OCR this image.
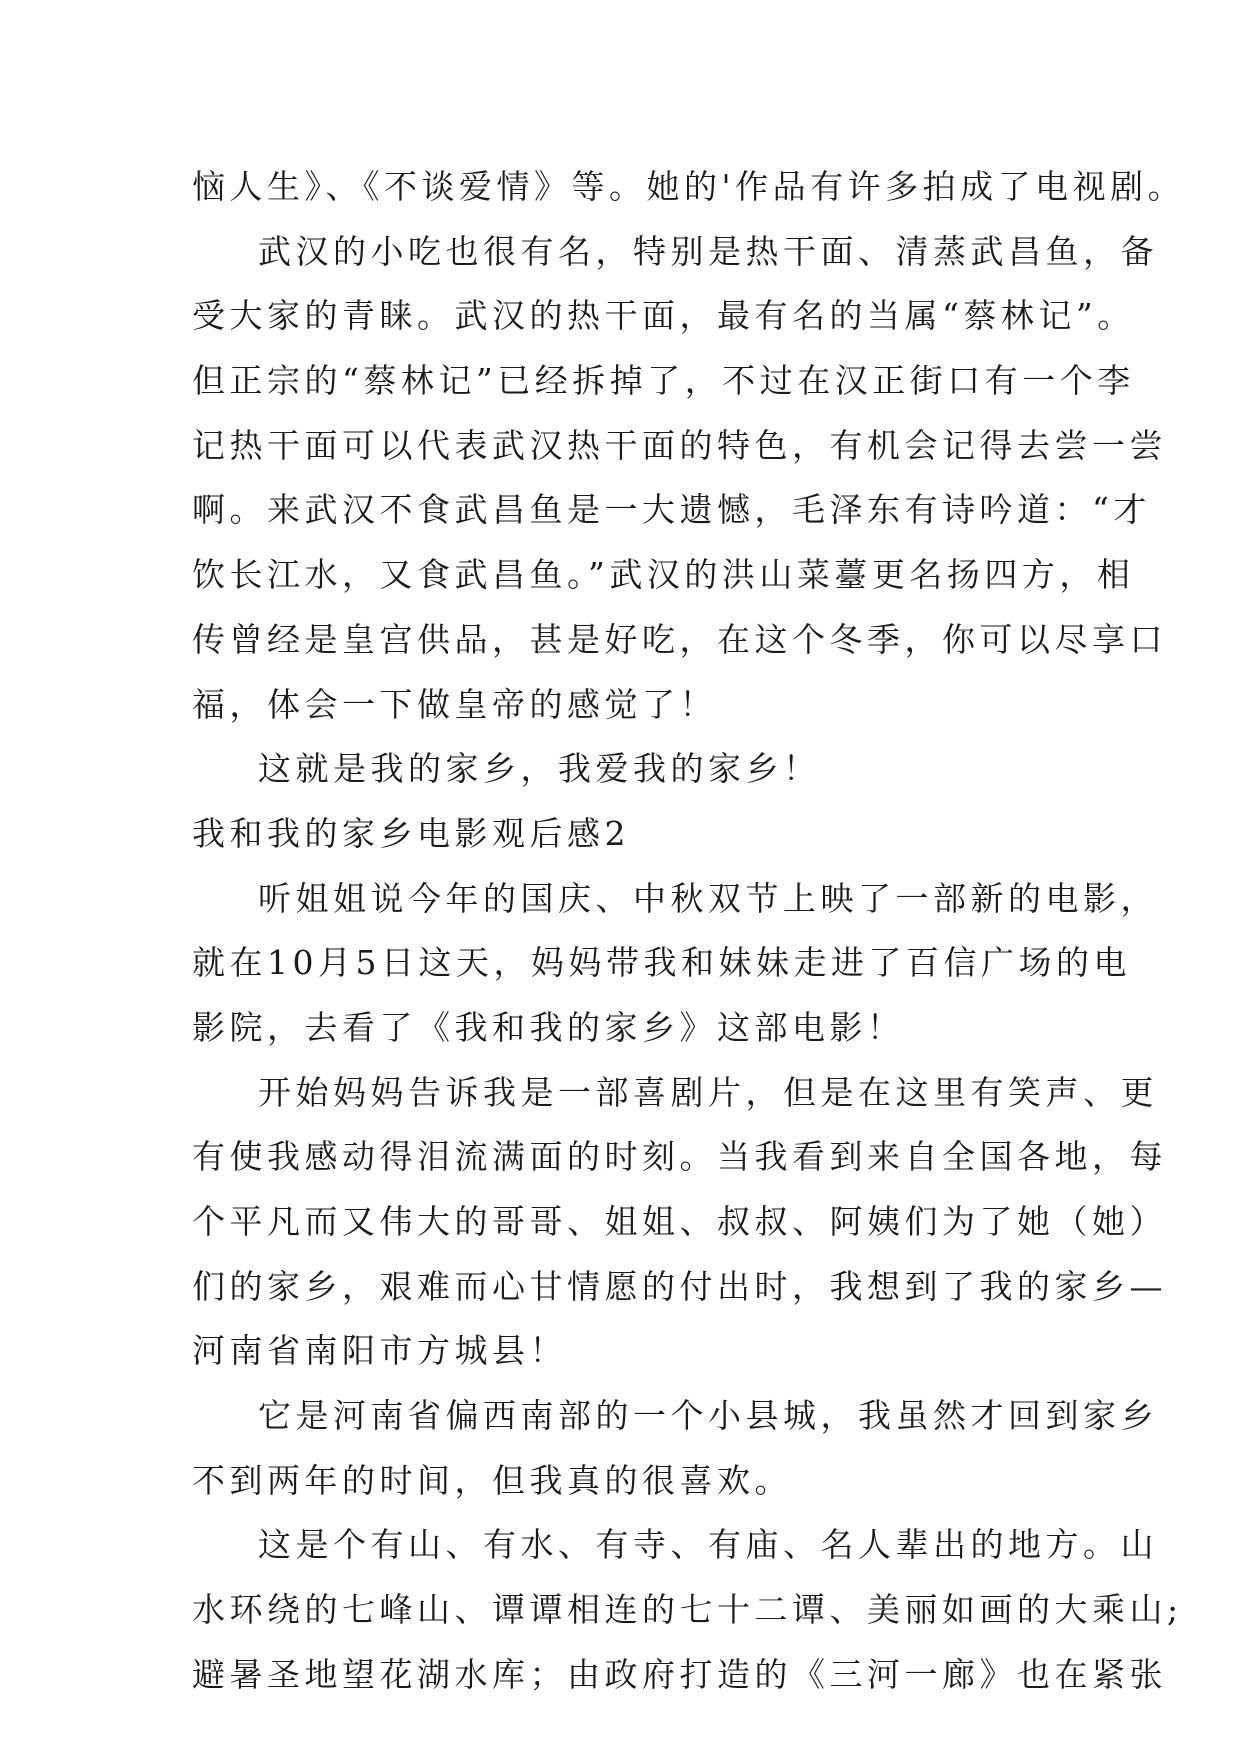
恼人生》、《不谈爱情》等。她的'作品有许多拍成了电视剧。
武汉的小吃也很有名，特别是热干面、清蒸武昌鱼，备
受大家的青睐。武汉的热干面，最有名的当属“蔡林记”。
但正宗的“蔡林记”已经拆掉了，不过在汉正街口有一个李
记热干面可以代表武汉热干面的特色，有机会记得去尝一尝
啊。来武汉不食武昌鱼是一大遗憾，毛泽东有诗吟道：“才
饮长江水，又食武昌鱼。”武汉的洪山菜薹更名扬四方，相
传曾经是皇宫供品，甚是好吃，在这个冬季，你可以尽享口
福，体会一下做皇帝的感觉了！
这就是我的家乡，我爱我的家乡！
我和我的家乡电影观后感2
听姐姐说今年的国庆、中秋双节上映了一部新的电影，
就在10月5日这天，妈妈带我和妹妹走进了百信广场的电
影院，去看了《我和我的家乡》这部电影！
开始妈妈告诉我是一部喜剧片，但是在这里有笑声、更
有使我感动得泪流满面的时刻。当我看到来自全国各地，每
个平凡而又伟大的哥哥、姐姐、叔叔、阿姨们为了她（她）
们的家乡，艰难而心甘情愿的付出时，我想到了我的家乡—
河南省南阳市方城县！
它是河南省偏西南部的一个小县城，我虽然才回到家乡
不到两年的时间，但我真的很喜欢。
这是个有山、有水、有寺、有庙、名人辈出的地方。山
水环绕的七峰山、谭谭相连的七十二谭、美丽如画的大乘山;
避暑圣地望花湖水库；由政府打造的《三河一廊》也在紧张
